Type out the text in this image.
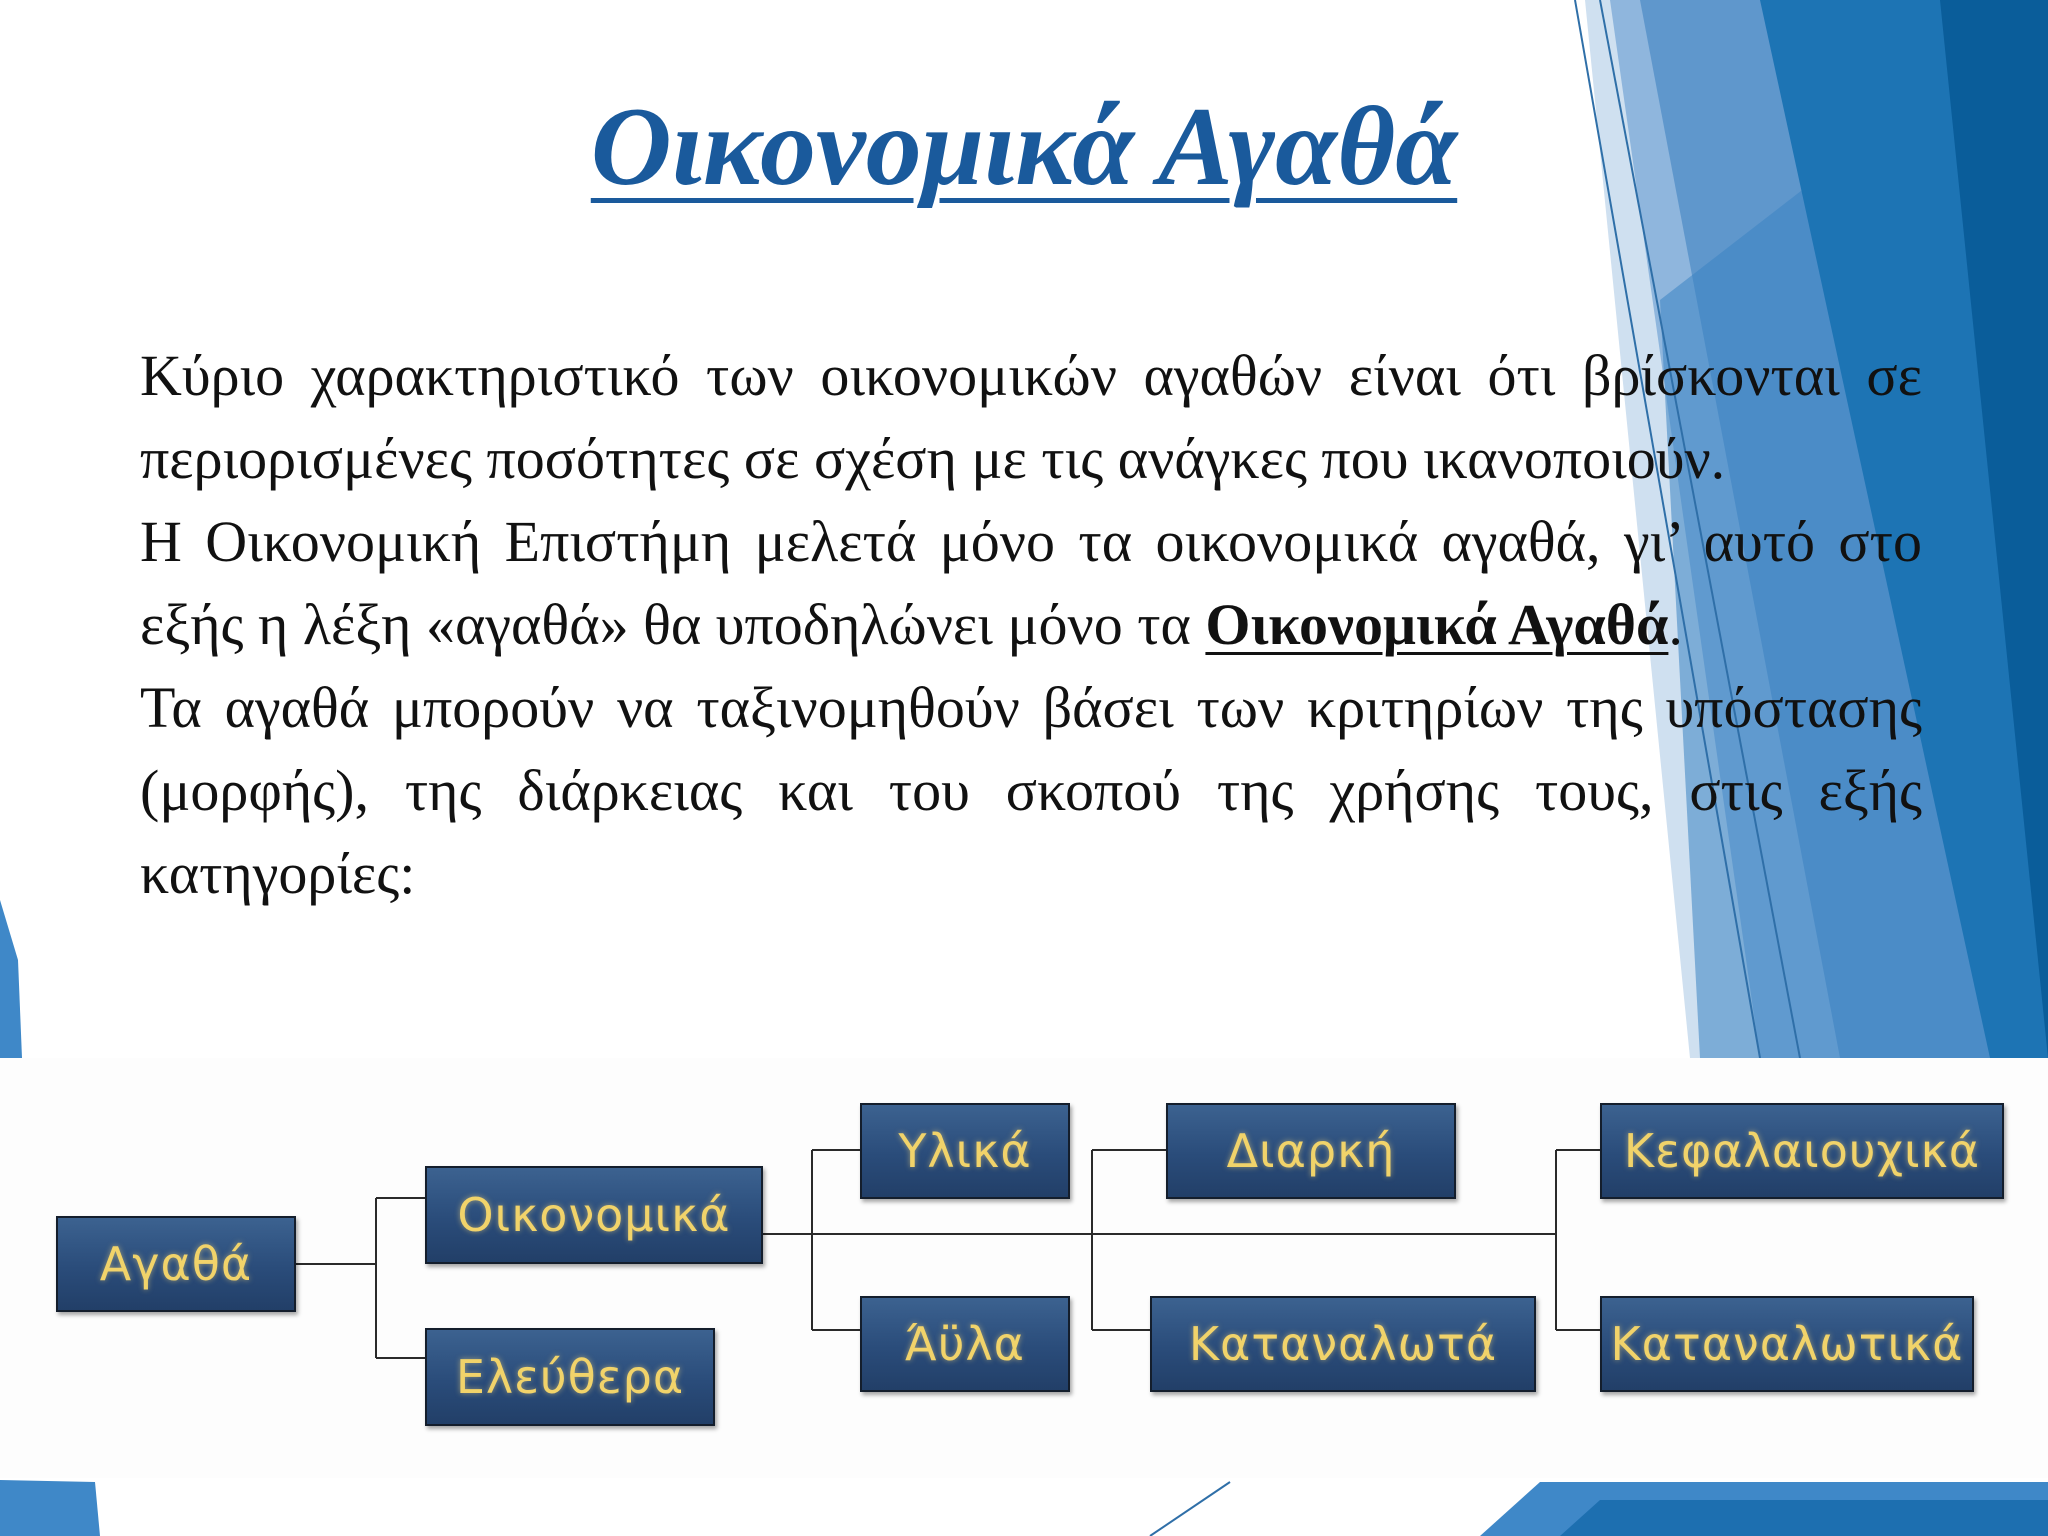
Οικονομικά Αγαθά

Κύριο χαρακτηριστικό των οικονομικών αγαθών είναι ότι βρίσκονται σε περιορισμένες ποσότητες σε σχέση με τις ανάγκες που ικανοποιούν.

Η Οικονομική Επιστήμη μελετά μόνο τα οικονομικά αγαθά, γι’ αυτό στο εξής η λέξη «αγαθά» θα υποδηλώνει μόνο τα Οικονομικά Αγαθά.

Τα αγαθά μπορούν να ταξινομηθούν βάσει των κριτηρίων της υπόστασης (μορφής), της διάρκειας και του σκοπού της χρήσης τους, στις εξής κατηγορίες:

Αγαθά
Οικονομικά
Ελεύθερα
Υλικά
Άϋλα
Διαρκή
Καταναλωτά
Κεφαλαιουχικά
Καταναλωτικά
